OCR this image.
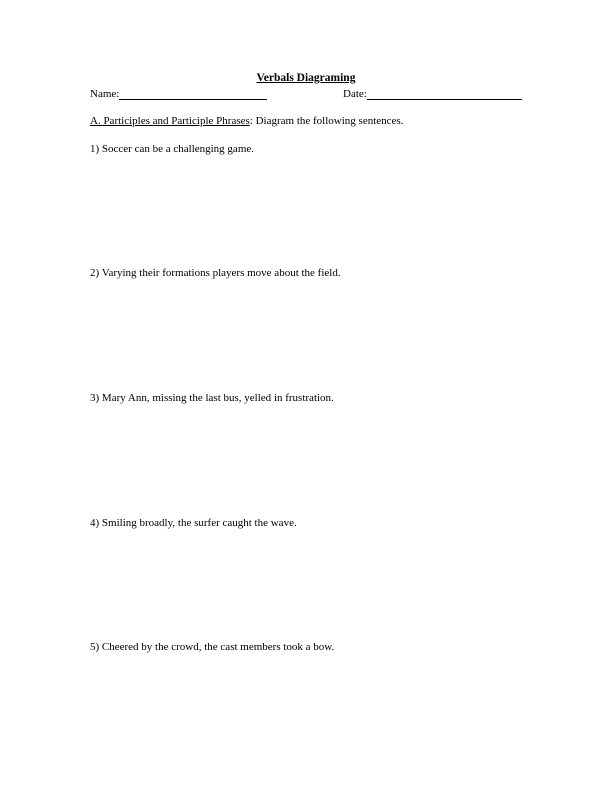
Verbals Diagraming
Name:	Date:
A. Participles and Participle Phrases: Diagram the following sentences.
1) Soccer can be a challenging game.
2) Varying their formations players move about the field.
3) Mary Ann, missing the last bus, yelled in frustration.
4) Smiling broadly, the surfer caught the wave.
5) Cheered by the crowd, the cast members took a bow.
